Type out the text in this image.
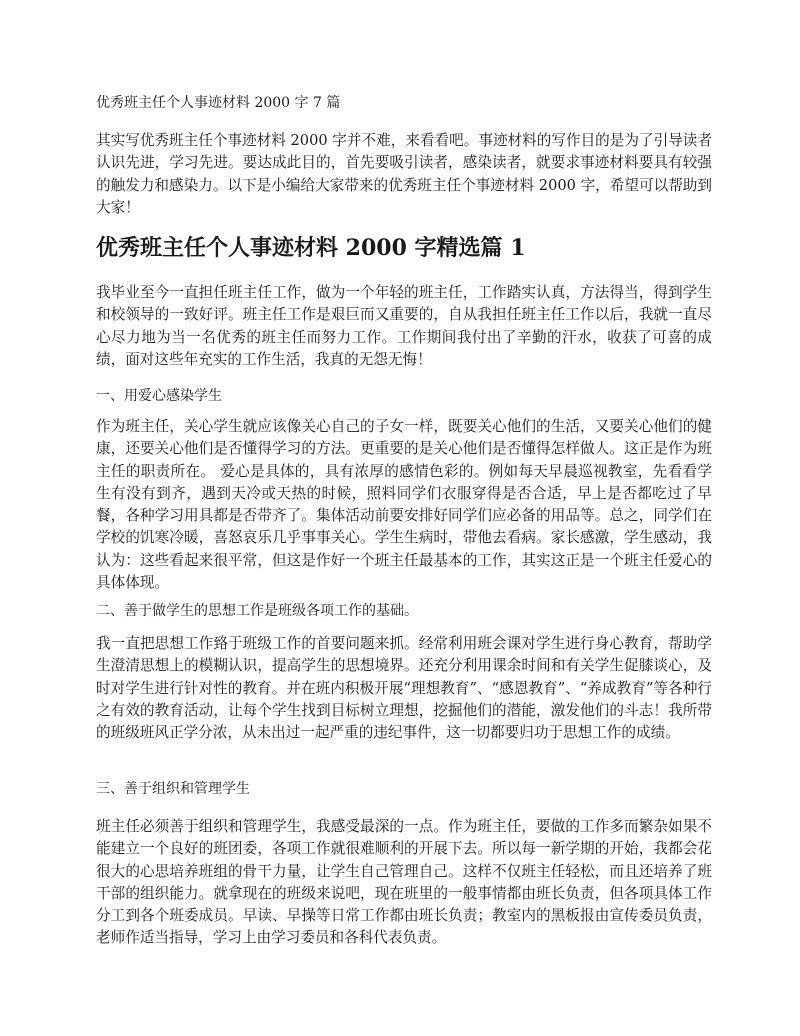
优秀班主任个人事迹材料 2000 字 7 篇

其实写优秀班主任个事迹材料 2000 字并不难，来看看吧。事迹材料的写作目的是为了引导读者认识先进，学习先进。要达成此目的，首先要吸引读者，感染读者，就要求事迹材料要具有较强的触发力和感染力。以下是小编给大家带来的优秀班主任个事迹材料 2000 字，希望可以帮助到大家！

优秀班主任个人事迹材料 2000 字精选篇 1

我毕业至今一直担任班主任工作，做为一个年轻的班主任，工作踏实认真，方法得当，得到学生和校领导的一致好评。班主任工作是艰巨而又重要的，自从我担任班主任工作以后，我就一直尽心尽力地为当一名优秀的班主任而努力工作。工作期间我付出了辛勤的汗水，收获了可喜的成绩，面对这些年充实的工作生活，我真的无怨无悔！

一、用爱心感染学生

作为班主任，关心学生就应该像关心自己的子女一样，既要关心他们的生活，又要关心他们的健康，还要关心他们是否懂得学习的方法。更重要的是关心他们是否懂得怎样做人。这正是作为班主任的职责所在。 爱心是具体的，具有浓厚的感情色彩的。例如每天早晨巡视教室，先看看学生有没有到齐，遇到天冷或天热的时候，照料同学们衣服穿得是否合适，早上是否都吃过了早餐，各种学习用具都是否带齐了。集体活动前要安排好同学们应必备的用品等。总之，同学们在学校的饥寒冷暖，喜怒哀乐几乎事事关心。学生生病时，带他去看病。家长感激，学生感动，我认为：这些看起来很平常，但这是作好一个班主任最基本的工作，其实这正是一个班主任爱心的具体体现。

二、善于做学生的思想工作是班级各项工作的基础。

我一直把思想工作臵于班级工作的首要问题来抓。经常利用班会课对学生进行身心教育，帮助学生澄清思想上的模糊认识，提高学生的思想境界。还充分利用课余时间和有关学生促膝谈心，及时对学生进行针对性的教育。并在班内积极开展“理想教育”、“感恩教育”、“养成教育”等各种行之有效的教育活动，让每个学生找到目标树立理想，挖掘他们的潜能，激发他们的斗志！我所带的班级班风正学分浓，从未出过一起严重的违纪事件，这一切都要归功于思想工作的成绩。

三、善于组织和管理学生

班主任必须善于组织和管理学生，我感受最深的一点。作为班主任，要做的工作多而繁杂如果不能建立一个良好的班团委，各项工作就很难顺利的开展下去。所以每一新学期的开始，我都会花很大的心思培养班组的骨干力量，让学生自己管理自己。这样不仅班主任轻松，而且还培养了班干部的组织能力。就拿现在的班级来说吧，现在班里的一般事情都由班长负责，但各项具体工作分工到各个班委成员。早读、早操等日常工作都由班长负责；教室内的黑板报由宣传委员负责，老师作适当指导，学习上由学习委员和各科代表负责。
